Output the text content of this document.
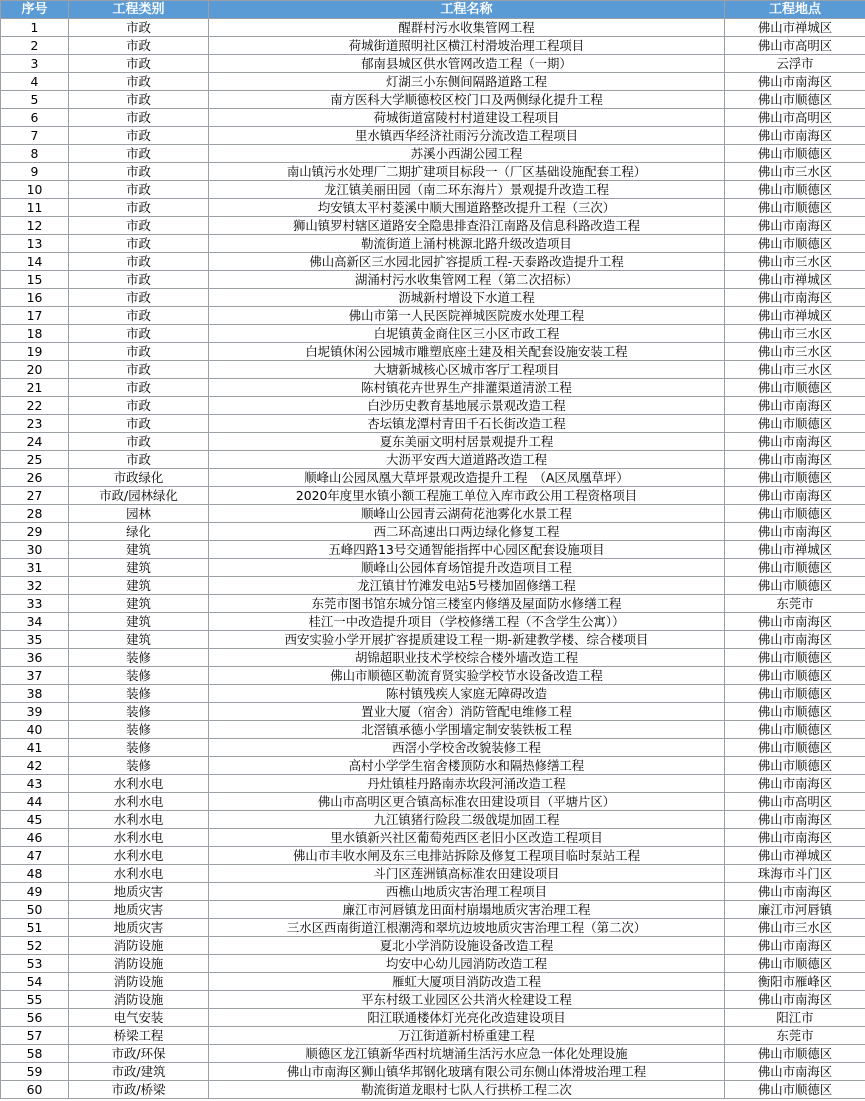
序号	工程类别	工程名称	工程地点
1	市政	醒群村污水收集管网工程	佛山市禅城区
2	市政	荷城街道照明社区横江村滑坡治理工程项目	佛山市高明区
3	市政	郁南县城区供水管网改造工程（一期）	云浮市
4	市政	灯湖三小东侧间隔路道路工程	佛山市南海区
5	市政	南方医科大学顺德校区校门口及两侧绿化提升工程	佛山市顺德区
6	市政	荷城街道富陵村村道建设工程项目	佛山市高明区
7	市政	里水镇西华经济社雨污分流改造工程项目	佛山市南海区
8	市政	苏溪小西湖公园工程	佛山市顺德区
9	市政	南山镇污水处理厂二期扩建项目标段一（厂区基础设施配套工程）	佛山市三水区
10	市政	龙江镇美丽田园（南二环东海片）景观提升改造工程	佛山市顺德区
11	市政	均安镇太平村菱溪中顺大围道路整改提升工程（三次）	佛山市顺德区
12	市政	狮山镇罗村辖区道路安全隐患排查沿江南路及信息科路改造工程	佛山市南海区
13	市政	勒流街道上涌村桃源北路升级改造项目	佛山市顺德区
14	市政	佛山高新区三水园北园扩容提质工程-天泰路改造提升工程	佛山市三水区
15	市政	湖涌村污水收集管网工程（第二次招标）	佛山市禅城区
16	市政	沥城新村增设下水道工程	佛山市南海区
17	市政	佛山市第一人民医院禅城医院废水处理工程	佛山市禅城区
18	市政	白坭镇黄金商住区三小区市政工程	佛山市三水区
19	市政	白坭镇休闲公园城市雕塑底座土建及相关配套设施安装工程	佛山市三水区
20	市政	大塘新城核心区城市客厅工程项目	佛山市三水区
21	市政	陈村镇花卉世界生产排灌渠道清淤工程	佛山市顺德区
22	市政	白沙历史教育基地展示景观改造工程	佛山市南海区
23	市政	杏坛镇龙潭村青田千石长街改造工程	佛山市顺德区
24	市政	夏东美丽文明村居景观提升工程	佛山市南海区
25	市政	大沥平安西大道道路改造工程	佛山市南海区
26	市政绿化	顺峰山公园凤凰大草坪景观改造提升工程　（A区凤凰草坪）	佛山市顺德区
27	市政/园林绿化	2020年度里水镇小额工程施工单位入库市政公用工程资格项目	佛山市南海区
28	园林	顺峰山公园青云湖荷花池雾化水景工程	佛山市顺德区
29	绿化	西二环高速出口两边绿化修复工程	佛山市南海区
30	建筑	五峰四路13号交通智能指挥中心园区配套设施项目	佛山市禅城区
31	建筑	顺峰山公园体育场馆提升改造项目工程	佛山市顺德区
32	建筑	龙江镇甘竹滩发电站5号楼加固修缮工程	佛山市顺德区
33	建筑	东莞市图书馆东城分馆三楼室内修缮及屋面防水修缮工程	东莞市
34	建筑	桂江一中改造提升项目（学校修缮工程（不含学生公寓））	佛山市南海区
35	建筑	西安实验小学开展扩容提质建设工程一期-新建教学楼、综合楼项目	佛山市南海区
36	装修	胡锦超职业技术学校综合楼外墙改造工程	佛山市顺德区
37	装修	佛山市顺德区勒流育贤实验学校节水设备改造工程	佛山市顺德区
38	装修	陈村镇残疾人家庭无障碍改造	佛山市顺德区
39	装修	置业大厦（宿舍）消防管配电维修工程	佛山市顺德区
40	装修	北滘镇承德小学围墙定制安装铁板工程	佛山市顺德区
41	装修	西滘小学校舍改貌装修工程	佛山市顺德区
42	装修	高村小学学生宿舍楼顶防水和隔热修缮工程	佛山市顺德区
43	水利水电	丹灶镇桂丹路南赤坎段河涌改造工程	佛山市南海区
44	水利水电	佛山市高明区更合镇高标准农田建设项目（平塘片区）	佛山市高明区
45	水利水电	九江镇猪行险段二级戗堤加固工程	佛山市南海区
46	水利水电	里水镇新兴社区葡萄苑西区老旧小区改造工程项目	佛山市南海区
47	水利水电	佛山市丰收水闸及东三电排站拆除及修复工程项目临时泵站工程	佛山市禅城区
48	水利水电	斗门区莲洲镇高标准农田建设项目	珠海市斗门区
49	地质灾害	西樵山地质灾害治理工程项目	佛山市南海区
50	地质灾害	廉江市河唇镇龙田面村崩塌地质灾害治理工程	廉江市河唇镇
51	地质灾害	三水区西南街道江根潮湾和翠坑边坡地质灾害治理工程（第二次）	佛山市三水区
52	消防设施	夏北小学消防设施设备改造工程	佛山市南海区
53	消防设施	均安中心幼儿园消防改造工程	佛山市顺德区
54	消防设施	雁虹大厦项目消防改造工程	衡阳市雁峰区
55	消防设施	平东村级工业园区公共消火栓建设工程	佛山市南海区
56	电气安装	阳江联通楼体灯光亮化改造建设项目	阳江市
57	桥梁工程	万江街道新村桥重建工程	东莞市
58	市政/环保	顺德区龙江镇新华西村坑塘涌生活污水应急一体化处理设施	佛山市顺德区
59	市政/建筑	佛山市南海区狮山镇华邦钢化玻璃有限公司东侧山体滑坡治理工程	佛山市南海区
60	市政/桥梁	勒流街道龙眼村七队人行拱桥工程二次	佛山市顺德区
